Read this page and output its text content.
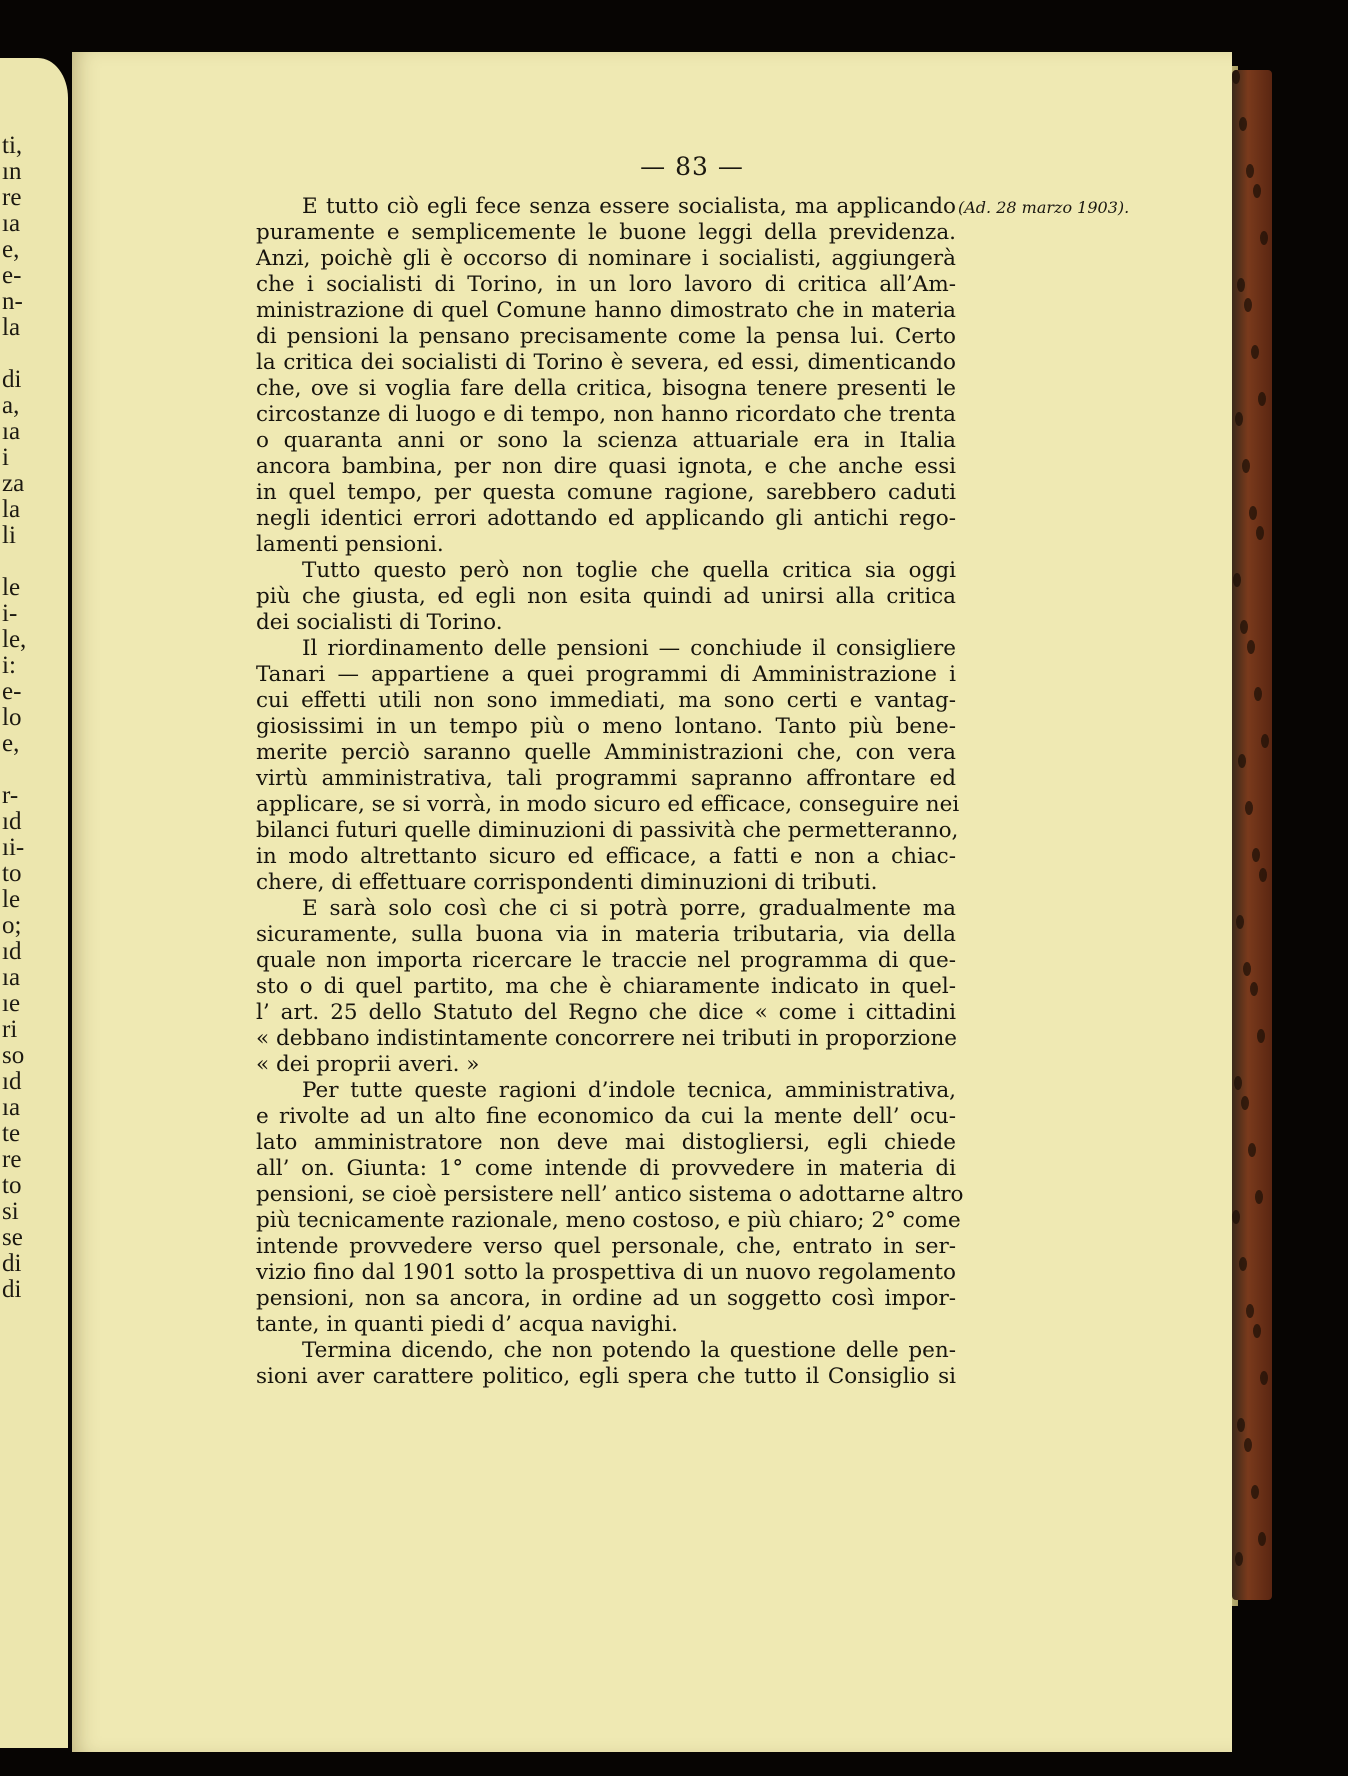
ti,
ın
re
ıa
e,
e-
n-
la
di
a,
ıa
i
za
la
li
le
i-
le,
i:
e-
lo
e,
r-
ıd
ıi-
to
le
o;
ıd
ıa
ıe
ri
so
ıd
ıa
te
re
to
si
se
di
di
— 83 —
(Ad. 28 marzo 1903).
E tutto ciò egli fece senza essere socialista, ma applicando
puramente e semplicemente le buone leggi della previdenza.
Anzi, poichè gli è occorso di nominare i socialisti, aggiungerà
che i socialisti di Torino, in un loro lavoro di critica all’Am-
ministrazione di quel Comune hanno dimostrato che in materia
di pensioni la pensano precisamente come la pensa lui. Certo
la critica dei socialisti di Torino è severa, ed essi, dimenticando
che, ove si voglia fare della critica, bisogna tenere presenti le
circostanze di luogo e di tempo, non hanno ricordato che trenta
o quaranta anni or sono la scienza attuariale era in Italia
ancora bambina, per non dire quasi ignota, e che anche essi
in quel tempo, per questa comune ragione, sarebbero caduti
negli identici errori adottando ed applicando gli antichi rego-
lamenti pensioni.
Tutto questo però non toglie che quella critica sia oggi
più che giusta, ed egli non esita quindi ad unirsi alla critica
dei socialisti di Torino.
Il riordinamento delle pensioni — conchiude il consigliere
Tanari — appartiene a quei programmi di Amministrazione i
cui effetti utili non sono immediati, ma sono certi e vantag-
giosissimi in un tempo più o meno lontano. Tanto più bene-
merite perciò saranno quelle Amministrazioni che, con vera
virtù amministrativa, tali programmi sapranno affrontare ed
applicare, se si vorrà, in modo sicuro ed efficace, conseguire nei
bilanci futuri quelle diminuzioni di passività che permetteranno,
in modo altrettanto sicuro ed efficace, a fatti e non a chiac-
chere, di effettuare corrispondenti diminuzioni di tributi.
E sarà solo così che ci si potrà porre, gradualmente ma
sicuramente, sulla buona via in materia tributaria, via della
quale non importa ricercare le traccie nel programma di que-
sto o di quel partito, ma che è chiaramente indicato in quel-
l’ art. 25 dello Statuto del Regno che dice « come i cittadini
« debbano indistintamente concorrere nei tributi in proporzione
« dei proprii averi. »
Per tutte queste ragioni d’indole tecnica, amministrativa,
e rivolte ad un alto fine economico da cui la mente dell’ ocu-
lato amministratore non deve mai distogliersi, egli chiede
all’ on. Giunta: 1° come intende di provvedere in materia di
pensioni, se cioè persistere nell’ antico sistema o adottarne altro
più tecnicamente razionale, meno costoso, e più chiaro; 2° come
intende provvedere verso quel personale, che, entrato in ser-
vizio fino dal 1901 sotto la prospettiva di un nuovo regolamento
pensioni, non sa ancora, in ordine ad un soggetto così impor-
tante, in quanti piedi d’ acqua navighi.
Termina dicendo, che non potendo la questione delle pen-
sioni aver carattere politico, egli spera che tutto il Consiglio si
